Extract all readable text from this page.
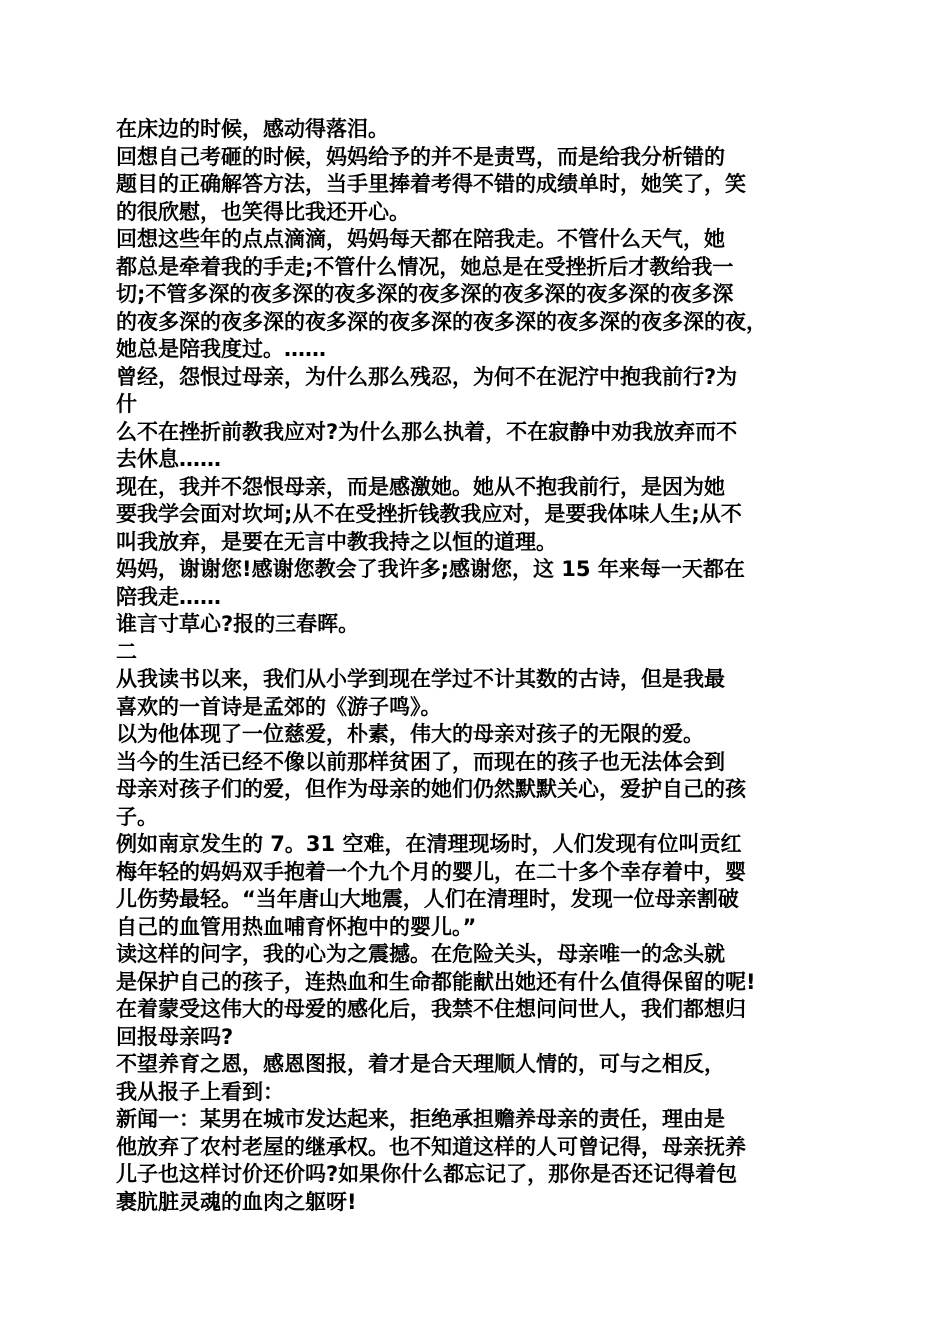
在床边的时候，感动得落泪。
回想自己考砸的时候，妈妈给予的并不是责骂，而是给我分析错的
题目的正确解答方法，当手里捧着考得不错的成绩单时，她笑了，笑
的很欣慰，也笑得比我还开心。
回想这些年的点点滴滴，妈妈每天都在陪我走。不管什么天气，她
都总是牵着我的手走;不管什么情况，她总是在受挫折后才教给我一
切;不管多深的夜多深的夜多深的夜多深的夜多深的夜多深的夜多深
的夜多深的夜多深的夜多深的夜多深的夜多深的夜多深的夜多深的夜，
她总是陪我度过。……
曾经，怨恨过母亲，为什么那么残忍，为何不在泥泞中抱我前行?为
什
么不在挫折前教我应对?为什么那么执着，不在寂静中劝我放弃而不
去休息……
现在，我并不怨恨母亲，而是感激她。她从不抱我前行，是因为她
要我学会面对坎坷;从不在受挫折钱教我应对，是要我体味人生;从不
叫我放弃，是要在无言中教我持之以恒的道理。
妈妈，谢谢您!感谢您教会了我许多;感谢您，这 15 年来每一天都在
陪我走……
谁言寸草心?报的三春晖。
二
从我读书以来，我们从小学到现在学过不计其数的古诗，但是我最
喜欢的一首诗是孟郊的《游子鸣》。
以为他体现了一位慈爱，朴素，伟大的母亲对孩子的无限的爱。
当今的生活已经不像以前那样贫困了，而现在的孩子也无法体会到
母亲对孩子们的爱，但作为母亲的她们仍然默默关心，爱护自己的孩
子。
例如南京发生的 7。31 空难，在清理现场时，人们发现有位叫贡红
梅年轻的妈妈双手抱着一个九个月的婴儿，在二十多个幸存着中，婴
儿伤势最轻。“当年唐山大地震，人们在清理时，发现一位母亲割破
自己的血管用热血哺育怀抱中的婴儿。”
读这样的问字，我的心为之震撼。在危险关头，母亲唯一的念头就
是保护自己的孩子，连热血和生命都能献出她还有什么值得保留的呢!
在着蒙受这伟大的母爱的感化后，我禁不住想问问世人，我们都想归
回报母亲吗?
不望养育之恩，感恩图报，着才是合天理顺人情的，可与之相反，
我从报子上看到：
新闻一：某男在城市发达起来，拒绝承担赡养母亲的责任，理由是
他放弃了农村老屋的继承权。也不知道这样的人可曾记得，母亲抚养
儿子也这样讨价还价吗?如果你什么都忘记了，那你是否还记得着包
裹肮脏灵魂的血肉之躯呀!
